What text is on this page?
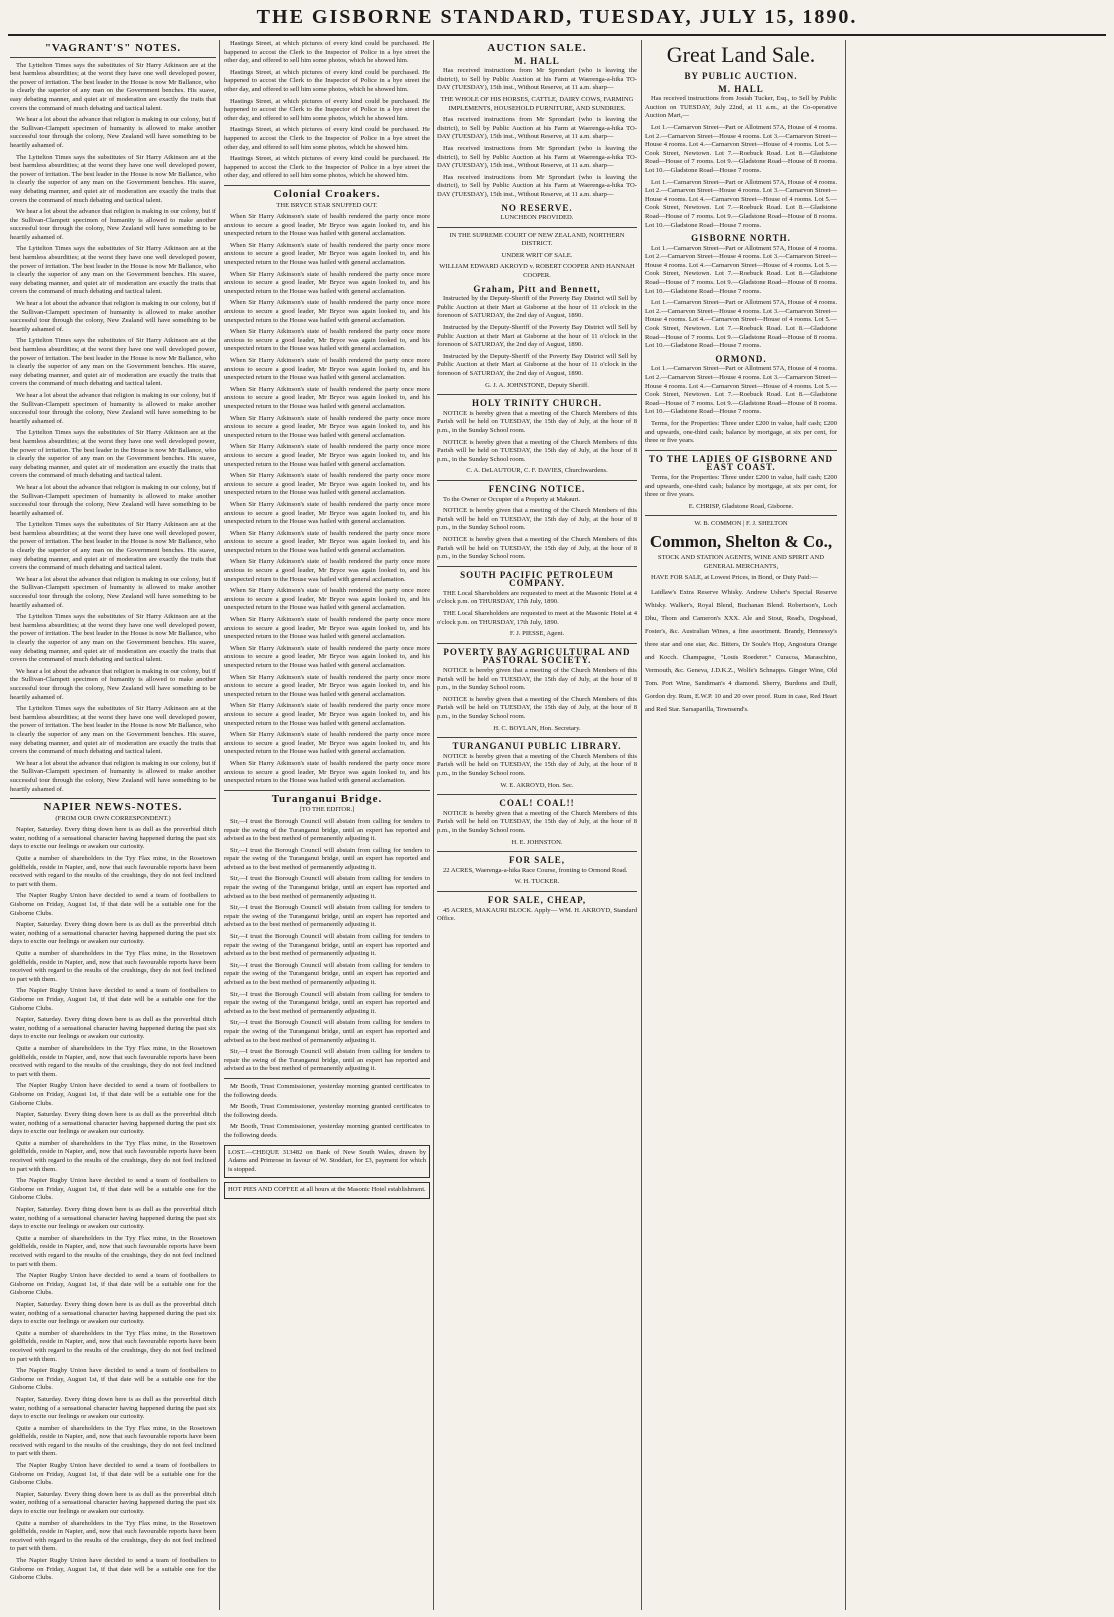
THE GISBORNE STANDARD, TUESDAY, JULY 15, 1890.
"VAGRANT'S" NOTES.

The Lyttelton Times says the substitutes of Sir Harry Atkinson are at the best harmless absurdities; at the worst they have one well developed power, the power of irritation. The best leader in the House is now Mr Ballance, who is clearly the superior of any man on the Government benches. His suave, easy debating manner, and quiet air of moderation are exactly the traits that covers the command of much debating and tactical talent.

We hear a lot about the advance that religion is making in our colony, but if the Sullivan-Clampett specimen of humanity is allowed to make another successful tour through the colony, New Zealand will have something to be heartily ashamed of.

The Lyttelton Times says the substitutes of Sir Harry Atkinson are at the best harmless absurdities; at the worst they have one well developed power, the power of irritation. The best leader in the House is now Mr Ballance, who is clearly the superior of any man on the Government benches. His suave, easy debating manner, and quiet air of moderation are exactly the traits that covers the command of much debating and tactical talent.

We hear a lot about the advance that religion is making in our colony, but if the Sullivan-Clampett specimen of humanity is allowed to make another successful tour through the colony, New Zealand will have something to be heartily ashamed of.

The Lyttelton Times says the substitutes of Sir Harry Atkinson are at the best harmless absurdities; at the worst they have one well developed power, the power of irritation. The best leader in the House is now Mr Ballance, who is clearly the superior of any man on the Government benches. His suave, easy debating manner, and quiet air of moderation are exactly the traits that covers the command of much debating and tactical talent.

We hear a lot about the advance that religion is making in our colony, but if the Sullivan-Clampett specimen of humanity is allowed to make another successful tour through the colony, New Zealand will have something to be heartily ashamed of.

The Lyttelton Times says the substitutes of Sir Harry Atkinson are at the best harmless absurdities; at the worst they have one well developed power, the power of irritation. The best leader in the House is now Mr Ballance, who is clearly the superior of any man on the Government benches. His suave, easy debating manner, and quiet air of moderation are exactly the traits that covers the command of much debating and tactical talent.

We hear a lot about the advance that religion is making in our colony, but if the Sullivan-Clampett specimen of humanity is allowed to make another successful tour through the colony, New Zealand will have something to be heartily ashamed of.

The Lyttelton Times says the substitutes of Sir Harry Atkinson are at the best harmless absurdities; at the worst they have one well developed power, the power of irritation. The best leader in the House is now Mr Ballance, who is clearly the superior of any man on the Government benches. His suave, easy debating manner, and quiet air of moderation are exactly the traits that covers the command of much debating and tactical talent.

We hear a lot about the advance that religion is making in our colony, but if the Sullivan-Clampett specimen of humanity is allowed to make another successful tour through the colony, New Zealand will have something to be heartily ashamed of.

The Lyttelton Times says the substitutes of Sir Harry Atkinson are at the best harmless absurdities; at the worst they have one well developed power, the power of irritation. The best leader in the House is now Mr Ballance, who is clearly the superior of any man on the Government benches. His suave, easy debating manner, and quiet air of moderation are exactly the traits that covers the command of much debating and tactical talent.

We hear a lot about the advance that religion is making in our colony, but if the Sullivan-Clampett specimen of humanity is allowed to make another successful tour through the colony, New Zealand will have something to be heartily ashamed of.

The Lyttelton Times says the substitutes of Sir Harry Atkinson are at the best harmless absurdities; at the worst they have one well developed power, the power of irritation. The best leader in the House is now Mr Ballance, who is clearly the superior of any man on the Government benches. His suave, easy debating manner, and quiet air of moderation are exactly the traits that covers the command of much debating and tactical talent.

We hear a lot about the advance that religion is making in our colony, but if the Sullivan-Clampett specimen of humanity is allowed to make another successful tour through the colony, New Zealand will have something to be heartily ashamed of.

The Lyttelton Times says the substitutes of Sir Harry Atkinson are at the best harmless absurdities; at the worst they have one well developed power, the power of irritation. The best leader in the House is now Mr Ballance, who is clearly the superior of any man on the Government benches. His suave, easy debating manner, and quiet air of moderation are exactly the traits that covers the command of much debating and tactical talent.

We hear a lot about the advance that religion is making in our colony, but if the Sullivan-Clampett specimen of humanity is allowed to make another successful tour through the colony, New Zealand will have something to be heartily ashamed of.

NAPIER NEWS-NOTES.

(FROM OUR OWN CORRESPONDENT.)

Napier, Saturday. Every thing down here is as dull as the proverbial ditch water, nothing of a sensational character having happened during the past six days to excite our feelings or awaken our curiosity.

Quite a number of shareholders in the Tyy Flax mine, in the Rosetown goldfields, reside in Napier, and, now that such favourable reports have been received with regard to the results of the crushings, they do not feel inclined to part with them.

The Napier Rugby Union have decided to send a team of footballers to Gisborne on Friday, August 1st, if that date will be a suitable one for the Gisborne Clubs.

Napier, Saturday. Every thing down here is as dull as the proverbial ditch water, nothing of a sensational character having happened during the past six days to excite our feelings or awaken our curiosity.

Quite a number of shareholders in the Tyy Flax mine, in the Rosetown goldfields, reside in Napier, and, now that such favourable reports have been received with regard to the results of the crushings, they do not feel inclined to part with them.

The Napier Rugby Union have decided to send a team of footballers to Gisborne on Friday, August 1st, if that date will be a suitable one for the Gisborne Clubs.

Napier, Saturday. Every thing down here is as dull as the proverbial ditch water, nothing of a sensational character having happened during the past six days to excite our feelings or awaken our curiosity.

Quite a number of shareholders in the Tyy Flax mine, in the Rosetown goldfields, reside in Napier, and, now that such favourable reports have been received with regard to the results of the crushings, they do not feel inclined to part with them.

The Napier Rugby Union have decided to send a team of footballers to Gisborne on Friday, August 1st, if that date will be a suitable one for the Gisborne Clubs.

Napier, Saturday. Every thing down here is as dull as the proverbial ditch water, nothing of a sensational character having happened during the past six days to excite our feelings or awaken our curiosity.

Quite a number of shareholders in the Tyy Flax mine, in the Rosetown goldfields, reside in Napier, and, now that such favourable reports have been received with regard to the results of the crushings, they do not feel inclined to part with them.

The Napier Rugby Union have decided to send a team of footballers to Gisborne on Friday, August 1st, if that date will be a suitable one for the Gisborne Clubs.

Napier, Saturday. Every thing down here is as dull as the proverbial ditch water, nothing of a sensational character having happened during the past six days to excite our feelings or awaken our curiosity.

Quite a number of shareholders in the Tyy Flax mine, in the Rosetown goldfields, reside in Napier, and, now that such favourable reports have been received with regard to the results of the crushings, they do not feel inclined to part with them.

The Napier Rugby Union have decided to send a team of footballers to Gisborne on Friday, August 1st, if that date will be a suitable one for the Gisborne Clubs.

Napier, Saturday. Every thing down here is as dull as the proverbial ditch water, nothing of a sensational character having happened during the past six days to excite our feelings or awaken our curiosity.

Quite a number of shareholders in the Tyy Flax mine, in the Rosetown goldfields, reside in Napier, and, now that such favourable reports have been received with regard to the results of the crushings, they do not feel inclined to part with them.

The Napier Rugby Union have decided to send a team of footballers to Gisborne on Friday, August 1st, if that date will be a suitable one for the Gisborne Clubs.

Napier, Saturday. Every thing down here is as dull as the proverbial ditch water, nothing of a sensational character having happened during the past six days to excite our feelings or awaken our curiosity.

Quite a number of shareholders in the Tyy Flax mine, in the Rosetown goldfields, reside in Napier, and, now that such favourable reports have been received with regard to the results of the crushings, they do not feel inclined to part with them.

The Napier Rugby Union have decided to send a team of footballers to Gisborne on Friday, August 1st, if that date will be a suitable one for the Gisborne Clubs.

Napier, Saturday. Every thing down here is as dull as the proverbial ditch water, nothing of a sensational character having happened during the past six days to excite our feelings or awaken our curiosity.

Quite a number of shareholders in the Tyy Flax mine, in the Rosetown goldfields, reside in Napier, and, now that such favourable reports have been received with regard to the results of the crushings, they do not feel inclined to part with them.

The Napier Rugby Union have decided to send a team of footballers to Gisborne on Friday, August 1st, if that date will be a suitable one for the Gisborne Clubs.

Hastings Street, at which pictures of every kind could be purchased. He happened to accost the Clerk to the Inspector of Police in a bye street the other day, and offered to sell him some photos, which he showed him.

Hastings Street, at which pictures of every kind could be purchased. He happened to accost the Clerk to the Inspector of Police in a bye street the other day, and offered to sell him some photos, which he showed him.

Hastings Street, at which pictures of every kind could be purchased. He happened to accost the Clerk to the Inspector of Police in a bye street the other day, and offered to sell him some photos, which he showed him.

Hastings Street, at which pictures of every kind could be purchased. He happened to accost the Clerk to the Inspector of Police in a bye street the other day, and offered to sell him some photos, which he showed him.

Hastings Street, at which pictures of every kind could be purchased. He happened to accost the Clerk to the Inspector of Police in a bye street the other day, and offered to sell him some photos, which he showed him.

Colonial Croakers.

THE BRYCE STAR SNUFFED OUT.

When Sir Harry Atkinson's state of health rendered the party once more anxious to secure a good leader, Mr Bryce was again looked to, and his unexpected return to the House was hailed with general acclamation.

When Sir Harry Atkinson's state of health rendered the party once more anxious to secure a good leader, Mr Bryce was again looked to, and his unexpected return to the House was hailed with general acclamation.

When Sir Harry Atkinson's state of health rendered the party once more anxious to secure a good leader, Mr Bryce was again looked to, and his unexpected return to the House was hailed with general acclamation.

When Sir Harry Atkinson's state of health rendered the party once more anxious to secure a good leader, Mr Bryce was again looked to, and his unexpected return to the House was hailed with general acclamation.

When Sir Harry Atkinson's state of health rendered the party once more anxious to secure a good leader, Mr Bryce was again looked to, and his unexpected return to the House was hailed with general acclamation.

When Sir Harry Atkinson's state of health rendered the party once more anxious to secure a good leader, Mr Bryce was again looked to, and his unexpected return to the House was hailed with general acclamation.

When Sir Harry Atkinson's state of health rendered the party once more anxious to secure a good leader, Mr Bryce was again looked to, and his unexpected return to the House was hailed with general acclamation.

When Sir Harry Atkinson's state of health rendered the party once more anxious to secure a good leader, Mr Bryce was again looked to, and his unexpected return to the House was hailed with general acclamation.

When Sir Harry Atkinson's state of health rendered the party once more anxious to secure a good leader, Mr Bryce was again looked to, and his unexpected return to the House was hailed with general acclamation.

When Sir Harry Atkinson's state of health rendered the party once more anxious to secure a good leader, Mr Bryce was again looked to, and his unexpected return to the House was hailed with general acclamation.

When Sir Harry Atkinson's state of health rendered the party once more anxious to secure a good leader, Mr Bryce was again looked to, and his unexpected return to the House was hailed with general acclamation.

When Sir Harry Atkinson's state of health rendered the party once more anxious to secure a good leader, Mr Bryce was again looked to, and his unexpected return to the House was hailed with general acclamation.

When Sir Harry Atkinson's state of health rendered the party once more anxious to secure a good leader, Mr Bryce was again looked to, and his unexpected return to the House was hailed with general acclamation.

When Sir Harry Atkinson's state of health rendered the party once more anxious to secure a good leader, Mr Bryce was again looked to, and his unexpected return to the House was hailed with general acclamation.

When Sir Harry Atkinson's state of health rendered the party once more anxious to secure a good leader, Mr Bryce was again looked to, and his unexpected return to the House was hailed with general acclamation.

When Sir Harry Atkinson's state of health rendered the party once more anxious to secure a good leader, Mr Bryce was again looked to, and his unexpected return to the House was hailed with general acclamation.

When Sir Harry Atkinson's state of health rendered the party once more anxious to secure a good leader, Mr Bryce was again looked to, and his unexpected return to the House was hailed with general acclamation.

When Sir Harry Atkinson's state of health rendered the party once more anxious to secure a good leader, Mr Bryce was again looked to, and his unexpected return to the House was hailed with general acclamation.

When Sir Harry Atkinson's state of health rendered the party once more anxious to secure a good leader, Mr Bryce was again looked to, and his unexpected return to the House was hailed with general acclamation.

When Sir Harry Atkinson's state of health rendered the party once more anxious to secure a good leader, Mr Bryce was again looked to, and his unexpected return to the House was hailed with general acclamation.

Turanganui Bridge.

[TO THE EDITOR.]

Sir,—I trust the Borough Council will abstain from calling for tenders to repair the swing of the Turanganui bridge, until an expert has reported and advised as to the best method of permanently adjusting it.

Sir,—I trust the Borough Council will abstain from calling for tenders to repair the swing of the Turanganui bridge, until an expert has reported and advised as to the best method of permanently adjusting it.

Sir,—I trust the Borough Council will abstain from calling for tenders to repair the swing of the Turanganui bridge, until an expert has reported and advised as to the best method of permanently adjusting it.

Sir,—I trust the Borough Council will abstain from calling for tenders to repair the swing of the Turanganui bridge, until an expert has reported and advised as to the best method of permanently adjusting it.

Sir,—I trust the Borough Council will abstain from calling for tenders to repair the swing of the Turanganui bridge, until an expert has reported and advised as to the best method of permanently adjusting it.

Sir,—I trust the Borough Council will abstain from calling for tenders to repair the swing of the Turanganui bridge, until an expert has reported and advised as to the best method of permanently adjusting it.

Sir,—I trust the Borough Council will abstain from calling for tenders to repair the swing of the Turanganui bridge, until an expert has reported and advised as to the best method of permanently adjusting it.

Sir,—I trust the Borough Council will abstain from calling for tenders to repair the swing of the Turanganui bridge, until an expert has reported and advised as to the best method of permanently adjusting it.

Sir,—I trust the Borough Council will abstain from calling for tenders to repair the swing of the Turanganui bridge, until an expert has reported and advised as to the best method of permanently adjusting it.

Mr Booth, Trust Commissioner, yesterday morning granted certificates to the following deeds.

Mr Booth, Trust Commissioner, yesterday morning granted certificates to the following deeds.

Mr Booth, Trust Commissioner, yesterday morning granted certificates to the following deeds.

LOST.—CHEQUE 313482 on Bank of New South Wales, drawn by Adams and Primrose in favour of W. Stoddart, for £3, payment for which is stopped.
HOT PIES AND COFFEE at all hours at the Masonic Hotel establishment.
AUCTION SALE.
M. HALL

Has received instructions from Mr Sprondart (who is leaving the district), to Sell by Public Auction at his Farm at Waerenga-a-hika TO-DAY (TUESDAY), 15th inst., Without Reserve, at 11 a.m. sharp—

THE WHOLE OF HIS HORSES, CATTLE, DAIRY COWS, FARMING IMPLEMENTS, HOUSEHOLD FURNITURE, AND SUNDRIES.

Has received instructions from Mr Sprondart (who is leaving the district), to Sell by Public Auction at his Farm at Waerenga-a-hika TO-DAY (TUESDAY), 15th inst., Without Reserve, at 11 a.m. sharp—

Has received instructions from Mr Sprondart (who is leaving the district), to Sell by Public Auction at his Farm at Waerenga-a-hika TO-DAY (TUESDAY), 15th inst., Without Reserve, at 11 a.m. sharp—

Has received instructions from Mr Sprondart (who is leaving the district), to Sell by Public Auction at his Farm at Waerenga-a-hika TO-DAY (TUESDAY), 15th inst., Without Reserve, at 11 a.m. sharp—

NO RESERVE.

LUNCHEON PROVIDED.

IN THE SUPREME COURT OF NEW ZEALAND, NORTHERN DISTRICT.

UNDER WRIT OF SALE.

WILLIAM EDWARD AKROYD v. ROBERT COOPER AND HANNAH COOPER.

Graham, Pitt and Bennett,

Instructed by the Deputy-Sheriff of the Poverty Bay District will Sell by Public Auction at their Mart at Gisborne at the hour of 11 o'clock in the forenoon of SATURDAY, the 2nd day of August, 1890.

Instructed by the Deputy-Sheriff of the Poverty Bay District will Sell by Public Auction at their Mart at Gisborne at the hour of 11 o'clock in the forenoon of SATURDAY, the 2nd day of August, 1890.

Instructed by the Deputy-Sheriff of the Poverty Bay District will Sell by Public Auction at their Mart at Gisborne at the hour of 11 o'clock in the forenoon of SATURDAY, the 2nd day of August, 1890.

G. J. A. JOHNSTONE, Deputy Sheriff.

HOLY TRINITY CHURCH.

NOTICE is hereby given that a meeting of the Church Members of this Parish will be held on TUESDAY, the 15th day of July, at the hour of 8 p.m., in the Sunday School room.

NOTICE is hereby given that a meeting of the Church Members of this Parish will be held on TUESDAY, the 15th day of July, at the hour of 8 p.m., in the Sunday School room.

C. A. DeLAUTOUR, C. F. DAVIES, Churchwardens.

FENCING NOTICE.

To the Owner or Occupier of a Property at Makauri.

NOTICE is hereby given that a meeting of the Church Members of this Parish will be held on TUESDAY, the 15th day of July, at the hour of 8 p.m., in the Sunday School room.

NOTICE is hereby given that a meeting of the Church Members of this Parish will be held on TUESDAY, the 15th day of July, at the hour of 8 p.m., in the Sunday School room.

SOUTH PACIFIC PETROLEUM COMPANY.

THE Local Shareholders are requested to meet at the Masonic Hotel at 4 o'clock p.m. on THURSDAY, 17th July, 1890.

THE Local Shareholders are requested to meet at the Masonic Hotel at 4 o'clock p.m. on THURSDAY, 17th July, 1890.

F. J. PIESSE, Agent.

POVERTY BAY AGRICULTURAL AND PASTORAL SOCIETY.

NOTICE is hereby given that a meeting of the Church Members of this Parish will be held on TUESDAY, the 15th day of July, at the hour of 8 p.m., in the Sunday School room.

NOTICE is hereby given that a meeting of the Church Members of this Parish will be held on TUESDAY, the 15th day of July, at the hour of 8 p.m., in the Sunday School room.

H. C. BOYLAN, Hon. Secretary.

TURANGANUI PUBLIC LIBRARY.

NOTICE is hereby given that a meeting of the Church Members of this Parish will be held on TUESDAY, the 15th day of July, at the hour of 8 p.m., in the Sunday School room.

W. E. AKROYD, Hon. Sec.

COAL! COAL!!

NOTICE is hereby given that a meeting of the Church Members of this Parish will be held on TUESDAY, the 15th day of July, at the hour of 8 p.m., in the Sunday School room.

H. E. JOHNSTON.

FOR SALE,

22 ACRES, Waerenga-a-hika Race Course, fronting to Ormond Road.

W. H. TUCKER.

FOR SALE, CHEAP,

45 ACRES, MAKAURI BLOCK. Apply— WM. H. AKROYD, Standard Office.

Great Land Sale.
BY PUBLIC AUCTION.
M. HALL

Has received instructions from Josiah Tucker, Esq., to Sell by Public Auction on TUESDAY, July 22nd, at 11 a.m., at the Co-operative Auction Mart,—

Lot 1.—Carnarvon Street—Part or Allotment 57A, House of 4 rooms. Lot 2.—Carnarvon Street—House 4 rooms. Lot 3.—Carnarvon Street—House 4 rooms. Lot 4.—Carnarvon Street—House of 4 rooms. Lot 5.—Cook Street, Newtown. Lot 7.—Roebuck Road. Lot 8.—Gladstone Road—House of 7 rooms. Lot 9.—Gladstone Road—House of 8 rooms. Lot 10.—Gladstone Road—House 7 rooms.

Lot 1.—Carnarvon Street—Part or Allotment 57A, House of 4 rooms. Lot 2.—Carnarvon Street—House 4 rooms. Lot 3.—Carnarvon Street—House 4 rooms. Lot 4.—Carnarvon Street—House of 4 rooms. Lot 5.—Cook Street, Newtown. Lot 7.—Roebuck Road. Lot 8.—Gladstone Road—House of 7 rooms. Lot 9.—Gladstone Road—House of 8 rooms. Lot 10.—Gladstone Road—House 7 rooms.

GISBORNE NORTH.

Lot 1.—Carnarvon Street—Part or Allotment 57A, House of 4 rooms. Lot 2.—Carnarvon Street—House 4 rooms. Lot 3.—Carnarvon Street—House 4 rooms. Lot 4.—Carnarvon Street—House of 4 rooms. Lot 5.—Cook Street, Newtown. Lot 7.—Roebuck Road. Lot 8.—Gladstone Road—House of 7 rooms. Lot 9.—Gladstone Road—House of 8 rooms. Lot 10.—Gladstone Road—House 7 rooms.

Lot 1.—Carnarvon Street—Part or Allotment 57A, House of 4 rooms. Lot 2.—Carnarvon Street—House 4 rooms. Lot 3.—Carnarvon Street—House 4 rooms. Lot 4.—Carnarvon Street—House of 4 rooms. Lot 5.—Cook Street, Newtown. Lot 7.—Roebuck Road. Lot 8.—Gladstone Road—House of 7 rooms. Lot 9.—Gladstone Road—House of 8 rooms. Lot 10.—Gladstone Road—House 7 rooms.

ORMOND.

Lot 1.—Carnarvon Street—Part or Allotment 57A, House of 4 rooms. Lot 2.—Carnarvon Street—House 4 rooms. Lot 3.—Carnarvon Street—House 4 rooms. Lot 4.—Carnarvon Street—House of 4 rooms. Lot 5.—Cook Street, Newtown. Lot 7.—Roebuck Road. Lot 8.—Gladstone Road—House of 7 rooms. Lot 9.—Gladstone Road—House of 8 rooms. Lot 10.—Gladstone Road—House 7 rooms.

Terms, for the Properties: Three under £200 in value, half cash; £200 and upwards, one-third cash; balance by mortgage, at six per cent, for three or five years.

TO THE LADIES OF GISBORNE AND EAST COAST.

Terms, for the Properties: Three under £200 in value, half cash; £200 and upwards, one-third cash; balance by mortgage, at six per cent, for three or five years.

E. CHRISP, Gladstone Road, Gisborne.

W. B. COMMON | F. J. SHELTON

Common, Shelton & Co.,

STOCK AND STATION AGENTS, WINE AND SPIRIT AND GENERAL MERCHANTS,

HAVE FOR SALE, at Lowest Prices, in Bond, or Duty Paid:—

Laidlaw's Extra Reserve Whisky. Andrew Usher's Special Reserve Whisky. Walker's, Royal Blend, Buchanan Blend. Robertson's, Loch Dhu, Thom and Cameron's XXX. Ale and Stout, Read's, Dogshead, Foster's, &c. Australian Wines, a fine assortment. Brandy, Hennessy's three star and one star, &c. Bitters, Dr Soule's Hop, Angostura Orange and Kocch. Champagne, "Louis Roederer." Curacoa, Maraschino, Vermouth, &c. Geneva, J.D.K.Z., Wolfe's Schnapps. Ginger Wine, Old Tom. Port Wine, Sandiman's 4 diamond. Sherry, Burdons and Duff, Gordon dry. Rum, E.W.P. 10 and 20 over proof. Rum in case, Red Heart and Red Star. Sarsaparilla, Townsend's.
